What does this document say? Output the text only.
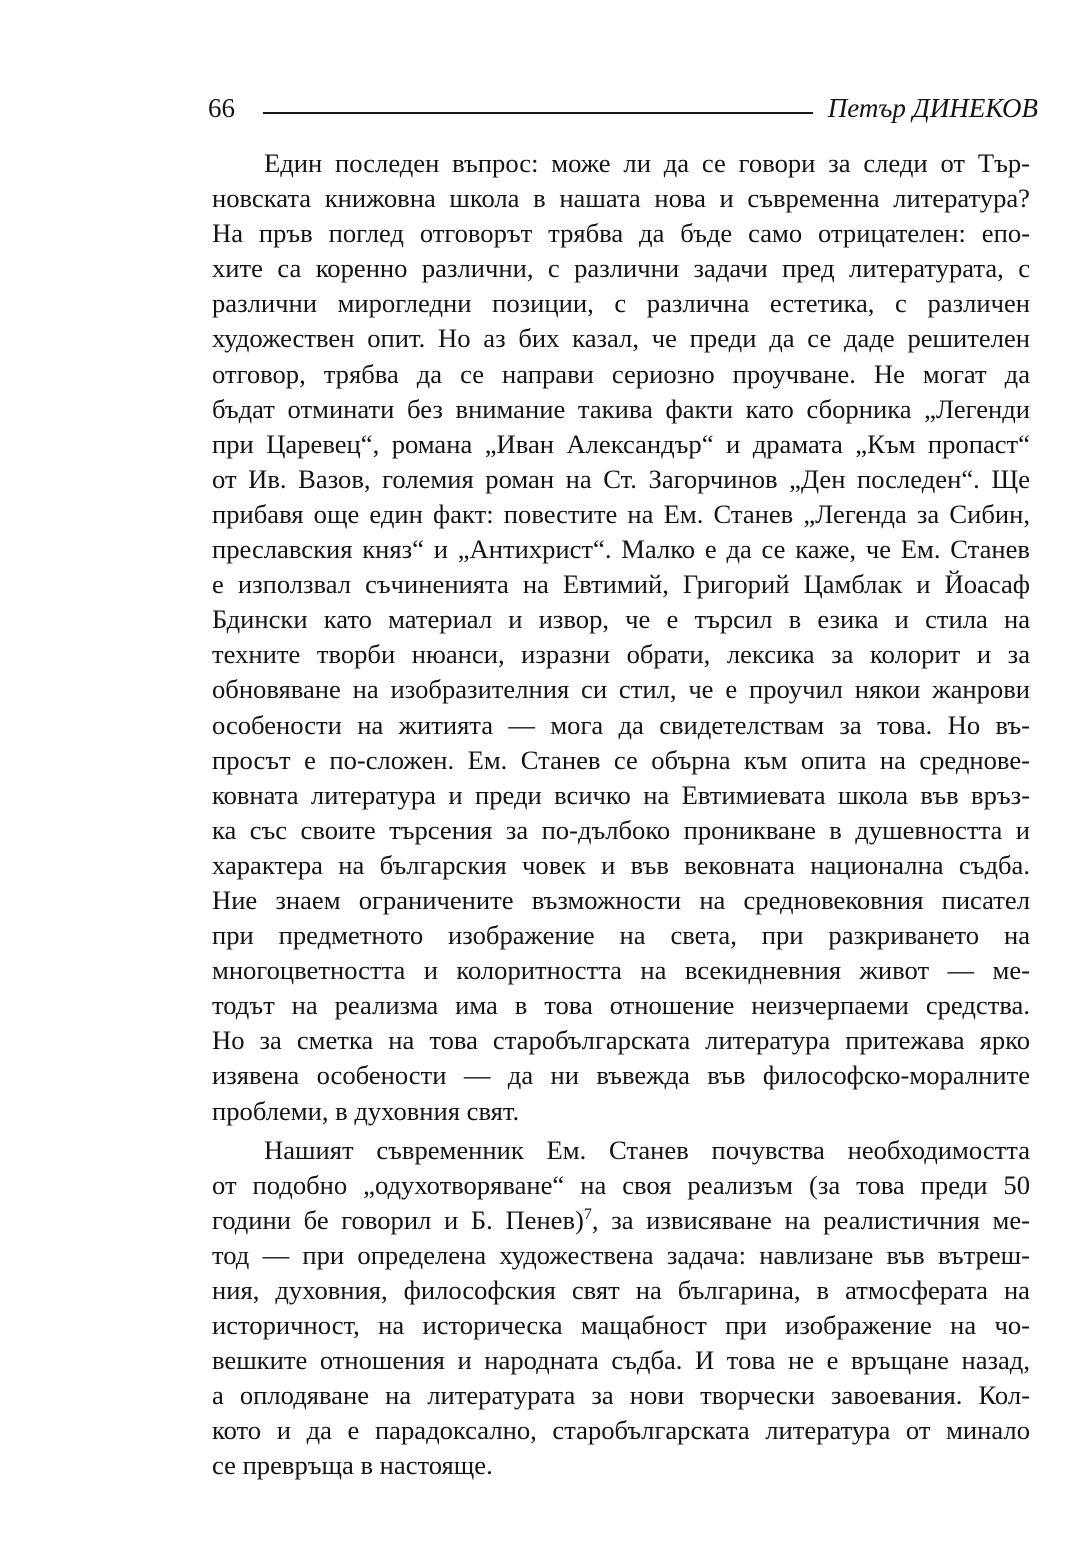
66	Петър ДИНЕКОВ

Един последен въпрос: може ли да се говори за следи от Тър-
новската книжовна школа в нашата нова и съвременна литература?
На пръв поглед отговорът трябва да бъде само отрицателен: епо-
хите са коренно различни, с различни задачи пред литературата, с
различни мирогледни позиции, с различна естетика, с различен
художествен опит. Но аз бих казал, че преди да се даде решителен
отговор, трябва да се направи сериозно проучване. Не могат да
бъдат отминати без внимание такива факти като сборника „Легенди
при Царевец“, романа „Иван Александър“ и драмата „Към пропаст“
от Ив. Вазов, големия роман на Ст. Загорчинов „Ден последен“. Ще
прибавя още един факт: повестите на Ем. Станев „Легенда за Сибин,
преславския княз“ и „Антихрист“. Малко е да се каже, че Ем. Станев
е използвал съчиненията на Евтимий, Григорий Цамблак и Йоасаф
Бдински като материал и извор, че е търсил в езика и стила на
техните творби нюанси, изразни обрати, лексика за колорит и за
обновяване на изобразителния си стил, че е проучил някои жанрови
особености на житията — мога да свидетелствам за това. Но въ-
просът е по-сложен. Ем. Станев се обърна към опита на среднове-
ковната литература и преди всичко на Евтимиевата школа във връз-
ка със своите търсения за по-дълбоко проникване в душевността и
характера на българския човек и във вековната национална съдба.
Ние знаем ограничените възможности на средновековния писател
при предметното изображение на света, при разкриването на
многоцветността и колоритността на всекидневния живот — ме-
тодът на реализма има в това отношение неизчерпаеми средства.
Но за сметка на това старобългарската литература притежава ярко
изявена особености — да ни въвежда във философско-моралните
проблеми, в духовния свят.

Нашият съвременник Ем. Станев почувства необходимостта
от подобно „одухотворяване“ на своя реализъм (за това преди 50
години бе говорил и Б. Пенев)$^7$, за извисяване на реалистичния ме-
тод — при определена художествена задача: навлизане във вътреш-
ния, духовния, философския свят на българина, в атмосферата на
историчност, на историческа мащабност при изображение на чо-
вешките отношения и народната съдба. И това не е връщане назад,
а оплодяване на литературата за нови творчески завоевания. Кол-
кото и да е парадоксално, старобългарската литература от минало
се превръща в настояще.
